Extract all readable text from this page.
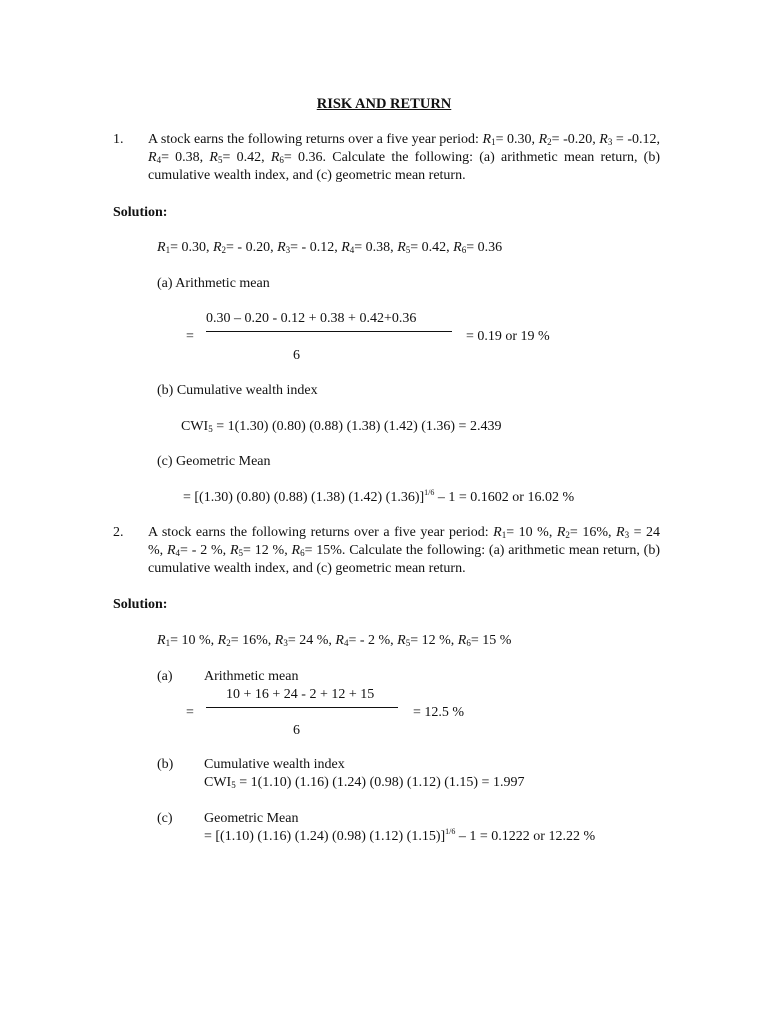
RISK AND RETURN
1. A stock earns the following returns over a five year period: $R_1= 0.30$, $R_2= -0.20$, $R_3 = -0.12$, $R_4= 0.38$, $R_5= 0.42$, $R_6= 0.36$. Calculate the following: (a) arithmetic mean return, (b) cumulative wealth index, and (c) geometric mean return.
Solution:
$R_1= 0.30$, $R_2= - 0.20$, $R_3= - 0.12$, $R_4= 0.38$, $R_5= 0.42$, $R_6= 0.36$
(a) Arithmetic mean
0.30 – 0.20 - 0.12 + 0.38 + 0.42+0.36
=	= 0.19 or 19 %
6
(b) Cumulative wealth index
$CWI_5 = 1(1.30)$ (0.80) (0.88) (1.38) (1.42) (1.36) = 2.439
(c) Geometric Mean
= [(1.30) (0.80) (0.88) (1.38) (1.42) (1.36)]$^{1/6}$ – 1 = 0.1602 or 16.02 %
2. A stock earns the following returns over a five year period: $R_1= 10$ %, $R_2= 16\%$, $R_3 = 24$ %, $R_4= - 2$ %, $R_5= 12$ %, $R_6= 15\%$. Calculate the following: (a) arithmetic mean return, (b) cumulative wealth index, and (c) geometric mean return.
Solution:
$R_1= 10$ %, $R_2= 16\%$, $R_3= 24$ %, $R_4= - 2$ %, $R_5= 12$ %, $R_6= 15$ %
(a) Arithmetic mean
10 + 16 + 24 - 2 + 12 + 15
=	= 12.5 %
6
(b) Cumulative wealth index
$CWI_5 = 1(1.10)$ (1.16) (1.24) (0.98) (1.12) (1.15) = 1.997
(c) Geometric Mean
= [(1.10) (1.16) (1.24) (0.98) (1.12) (1.15)]$^{1/6}$ – 1 = 0.1222 or 12.22 %
